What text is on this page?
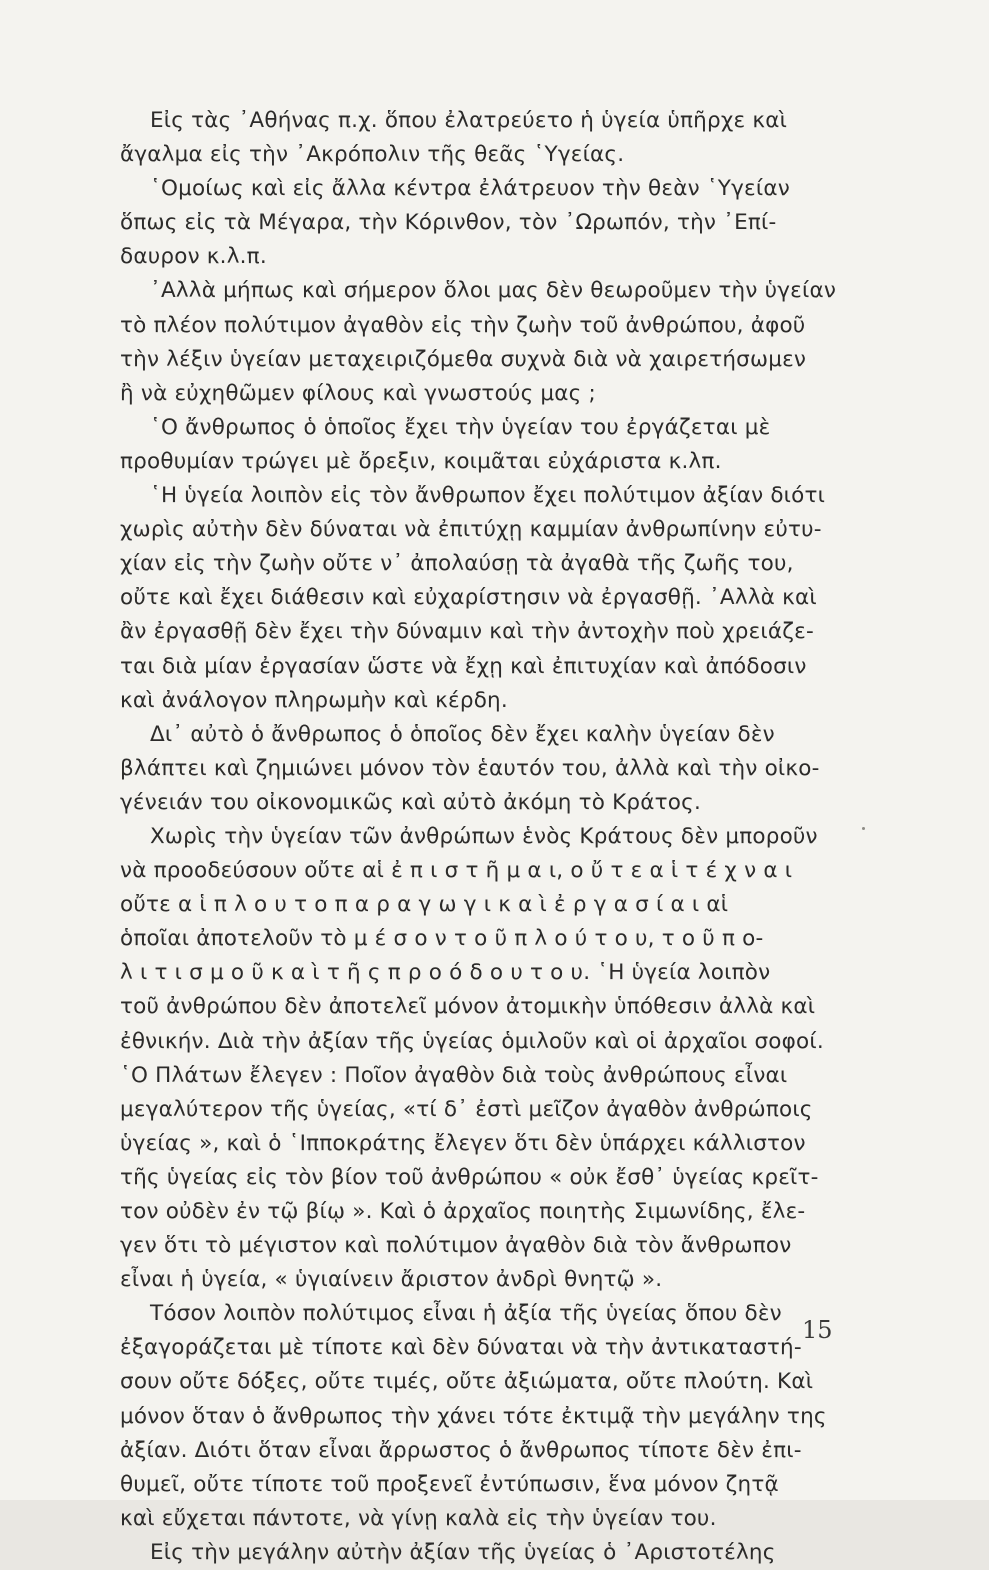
Εἰς τὰς ᾿Αθήνας π.χ. ὅπου ἐλατρεύετο ἡ ὑγεία ὑπῆρχε καὶ
ἄγαλμα εἰς τὴν ᾿Ακρόπολιν τῆς θεᾶς ῾Υγείας.
῾Ομοίως καὶ εἰς ἄλλα κέντρα ἐλάτρευον τὴν θεὰν ῾Υγείαν
ὅπως εἰς τὰ Μέγαρα, τὴν Κόρινθον, τὸν ᾿Ωρωπόν, τὴν ᾿Επί-
δαυρον κ.λ.π.
᾿Αλλὰ μήπως καὶ σήμερον ὅλοι μας δὲν θεωροῦμεν τὴν ὑγείαν
τὸ πλέον πολύτιμον ἀγαθὸν εἰς τὴν ζωὴν τοῦ ἀνθρώπου, ἀφοῦ
τὴν λέξιν ὑγείαν μεταχειριζόμεθα συχνὰ διὰ νὰ χαιρετήσωμεν
ἢ νὰ εὐχηθῶμεν φίλους καὶ γνωστούς μας ;
῾Ο ἄνθρωπος ὁ ὁποῖος ἔχει τὴν ὑγείαν του ἐργάζεται μὲ
προθυμίαν τρώγει μὲ ὄρεξιν, κοιμᾶται εὐχάριστα κ.λπ.
῾Η ὑγεία λοιπὸν εἰς τὸν ἄνθρωπον ἔχει πολύτιμον ἀξίαν διότι
χωρὶς αὐτὴν δὲν δύναται νὰ ἐπιτύχῃ καμμίαν ἀνθρωπίνην εὐτυ-
χίαν εἰς τὴν ζωὴν οὔτε ν᾿ ἀπολαύσῃ τὰ ἀγαθὰ τῆς ζωῆς του,
οὔτε καὶ ἔχει διάθεσιν καὶ εὐχαρίστησιν νὰ ἐργασθῇ. ᾿Αλλὰ καὶ
ἂν ἐργασθῇ δὲν ἔχει τὴν δύναμιν καὶ τὴν ἀντοχὴν ποὺ χρειάζε-
ται διὰ μίαν ἐργασίαν ὥστε νὰ ἔχῃ καὶ ἐπιτυχίαν καὶ ἀπόδοσιν
καὶ ἀνάλογον πληρωμὴν καὶ κέρδη.
Δι᾿ αὐτὸ ὁ ἄνθρωπος ὁ ὁποῖος δὲν ἔχει καλὴν ὑγείαν δὲν
βλάπτει καὶ ζημιώνει μόνον τὸν ἑαυτόν του, ἀλλὰ καὶ τὴν οἰκο-
γένειάν του οἰκονομικῶς καὶ αὐτὸ ἀκόμη τὸ Κράτος.
Χωρὶς τὴν ὑγείαν τῶν ἀνθρώπων ἑνὸς Κράτους δὲν μποροῦν
νὰ προοδεύσουν οὔτε αἱ ἐ π ι σ τ ῆ μ α ι, ο ὔ τ ε α ἱ τ έ χ ν α ι
οὔτε α ἱ π λ ο υ τ ο π α ρ α γ ω γ ι κ α ὶ ἐ ρ γ α σ ί α ι αἱ
ὁποῖαι ἀποτελοῦν τὸ μ έ σ ο ν τ ο ῦ π λ ο ύ τ ο υ, τ ο ῦ π ο-
λ ι τ ι σ μ ο ῦ κ α ὶ τ ῆ ς π ρ ο ό δ ο υ τ ο υ. ῾Η ὑγεία λοιπὸν
τοῦ ἀνθρώπου δὲν ἀποτελεῖ μόνον ἀτομικὴν ὑπόθεσιν ἀλλὰ καὶ
ἐθνικήν. Διὰ τὴν ἀξίαν τῆς ὑγείας ὁμιλοῦν καὶ οἱ ἀρχαῖοι σοφοί.
῾Ο Πλάτων ἔλεγεν : Ποῖον ἀγαθὸν διὰ τοὺς ἀνθρώπους εἶναι
μεγαλύτερον τῆς ὑγείας, «τί δ᾿ ἐστὶ μεῖζον ἀγαθὸν ἀνθρώποις
ὑγείας », καὶ ὁ ῾Ιπποκράτης ἔλεγεν ὅτι δὲν ὑπάρχει κάλλιστον
τῆς ὑγείας εἰς τὸν βίον τοῦ ἀνθρώπου « οὐκ ἔσθ᾿ ὑγείας κρεῖτ-
τον οὐδὲν ἐν τῷ βίῳ ». Καὶ ὁ ἀρχαῖος ποιητὴς Σιμωνίδης, ἔλε-
γεν ὅτι τὸ μέγιστον καὶ πολύτιμον ἀγαθὸν διὰ τὸν ἄνθρωπον
εἶναι ἡ ὑγεία, « ὑγιαίνειν ἄριστον ἀνδρὶ θνητῷ ».
Τόσον λοιπὸν πολύτιμος εἶναι ἡ ἀξία τῆς ὑγείας ὅπου δὲν
ἐξαγοράζεται μὲ τίποτε καὶ δὲν δύναται νὰ τὴν ἀντικαταστή-
σουν οὔτε δόξες, οὔτε τιμές, οὔτε ἀξιώματα, οὔτε πλούτη. Καὶ
μόνον ὅταν ὁ ἄνθρωπος τὴν χάνει τότε ἐκτιμᾷ τὴν μεγάλην της
ἀξίαν. Διότι ὅταν εἶναι ἄρρωστος ὁ ἄνθρωπος τίποτε δὲν ἐπι-
θυμεῖ, οὔτε τίποτε τοῦ προξενεῖ ἐντύπωσιν, ἕνα μόνον ζητᾷ
καὶ εὔχεται πάντοτε, νὰ γίνῃ καλὰ εἰς τὴν ὑγείαν του.
Εἰς τὴν μεγάλην αὐτὴν ἀξίαν τῆς ὑγείας ὁ ᾿Αριστοτέλης
15
